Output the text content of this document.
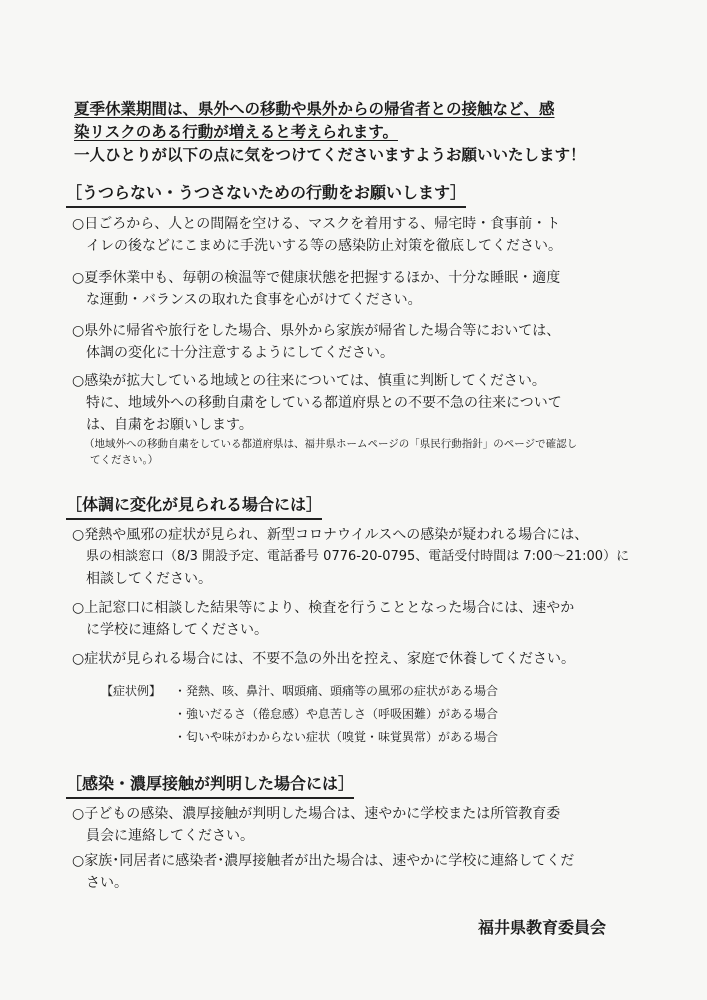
夏季休業期間は、県外への移動や県外からの帰省者との接触など、感
染リスクのある行動が増えると考えられます。
一人ひとりが以下の点に気をつけてくださいますようお願いいたします！
［うつらない・うつさないための行動をお願いします］
○日ごろから、人との間隔を空ける、マスクを着用する、帰宅時・食事前・ト
イレの後などにこまめに手洗いする等の感染防止対策を徹底してください。
○夏季休業中も、毎朝の検温等で健康状態を把握するほか、十分な睡眠・適度
な運動・バランスの取れた食事を心がけてください。
○県外に帰省や旅行をした場合、県外から家族が帰省した場合等においては、
体調の変化に十分注意するようにしてください。
○感染が拡大している地域との往来については、慎重に判断してください。
特に、地域外への移動自粛をしている都道府県との不要不急の往来について
は、自粛をお願いします。
（地域外への移動自粛をしている都道府県は、福井県ホームページの「県民行動指針」のページで確認し
てください。）
［体調に変化が見られる場合には］
○発熱や風邪の症状が見られ、新型コロナウイルスへの感染が疑われる場合には、
県の相談窓口（8/3 開設予定、電話番号 0776-20-0795、電話受付時間は 7:00～21:00）に
相談してください。
○上記窓口に相談した結果等により、検査を行うこととなった場合には、速やか
に学校に連絡してください。
○症状が見られる場合には、不要不急の外出を控え、家庭で休養してください。
【症状例】 ・発熱、咳、鼻汁、咽頭痛、頭痛等の風邪の症状がある場合
・強いだるさ（倦怠感）や息苦しさ（呼吸困難）がある場合
・匂いや味がわからない症状（嗅覚・味覚異常）がある場合
［感染・濃厚接触が判明した場合には］
○子どもの感染、濃厚接触が判明した場合は、速やかに学校または所管教育委
員会に連絡してください。
○家族･同居者に感染者･濃厚接触者が出た場合は、速やかに学校に連絡してくだ
さい。
福井県教育委員会
